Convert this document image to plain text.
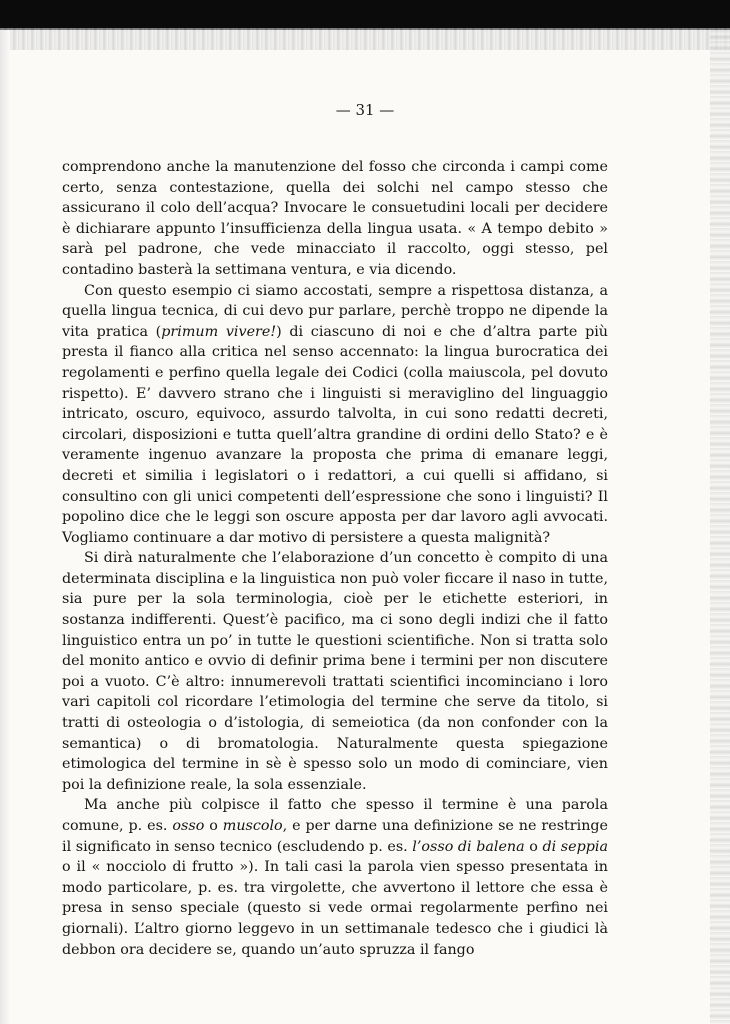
— 31 —

comprendono anche la manutenzione del fosso che circonda i campi come certo, senza contestazione, quella dei solchi nel campo stesso che assicurano il colo dell’acqua? Invocare le consuetudini locali per decidere è dichiarare appunto l’insufficienza della lingua usata. « A tempo debito » sarà pel padrone, che vede minacciato il raccolto, oggi stesso, pel contadino basterà la settimana ventura, e via dicendo.

Con questo esempio ci siamo accostati, sempre a rispettosa distanza, a quella lingua tecnica, di cui devo pur parlare, perchè troppo ne dipende la vita pratica (primum vivere!) di ciascuno di noi e che d’altra parte più presta il fianco alla critica nel senso accennato: la lingua burocratica dei regolamenti e perfino quella legale dei Codici (colla maiuscola, pel dovuto rispetto). E’ davvero strano che i linguisti si meraviglino del linguaggio intricato, oscuro, equivoco, assurdo talvolta, in cui sono redatti decreti, circolari, disposizioni e tutta quell’altra grandine di ordini dello Stato? e è veramente ingenuo avanzare la proposta che prima di emanare leggi, decreti et similia i legislatori o i redattori, a cui quelli si affidano, si consultino con gli unici competenti dell’espressione che sono i linguisti? Il popolino dice che le leggi son oscure apposta per dar lavoro agli avvocati. Vogliamo continuare a dar motivo di persistere a questa malignità?

Si dirà naturalmente che l’elaborazione d’un concetto è compito di una determinata disciplina e la linguistica non può voler ficcare il naso in tutte, sia pure per la sola terminologia, cioè per le etichette esteriori, in sostanza indifferenti. Quest’è pacifico, ma ci sono degli indizi che il fatto linguistico entra un po’ in tutte le questioni scientifiche. Non si tratta solo del monito antico e ovvio di definir prima bene i termini per non discutere poi a vuoto. C’è altro: innumerevoli trattati scientifici incominciano i loro vari capitoli col ricordare l’etimologia del termine che serve da titolo, si tratti di osteologia o d’istologia, di semeiotica (da non confonder con la semantica) o di bromatologia. Naturalmente questa spiegazione etimologica del termine in sè è spesso solo un modo di cominciare, vien poi la definizione reale, la sola essenziale.

Ma anche più colpisce il fatto che spesso il termine è una parola comune, p. es. osso o muscolo, e per darne una definizione se ne restringe il significato in senso tecnico (escludendo p. es. l’osso di balena o di seppia o il « nocciolo di frutto »). In tali casi la parola vien spesso presentata in modo particolare, p. es. tra virgolette, che avvertono il lettore che essa è presa in senso speciale (questo si vede ormai regolarmente perfino nei giornali). L’altro giorno leggevo in un settimanale tedesco che i giudici là debbon ora decidere se, quando un’auto spruzza il fango
